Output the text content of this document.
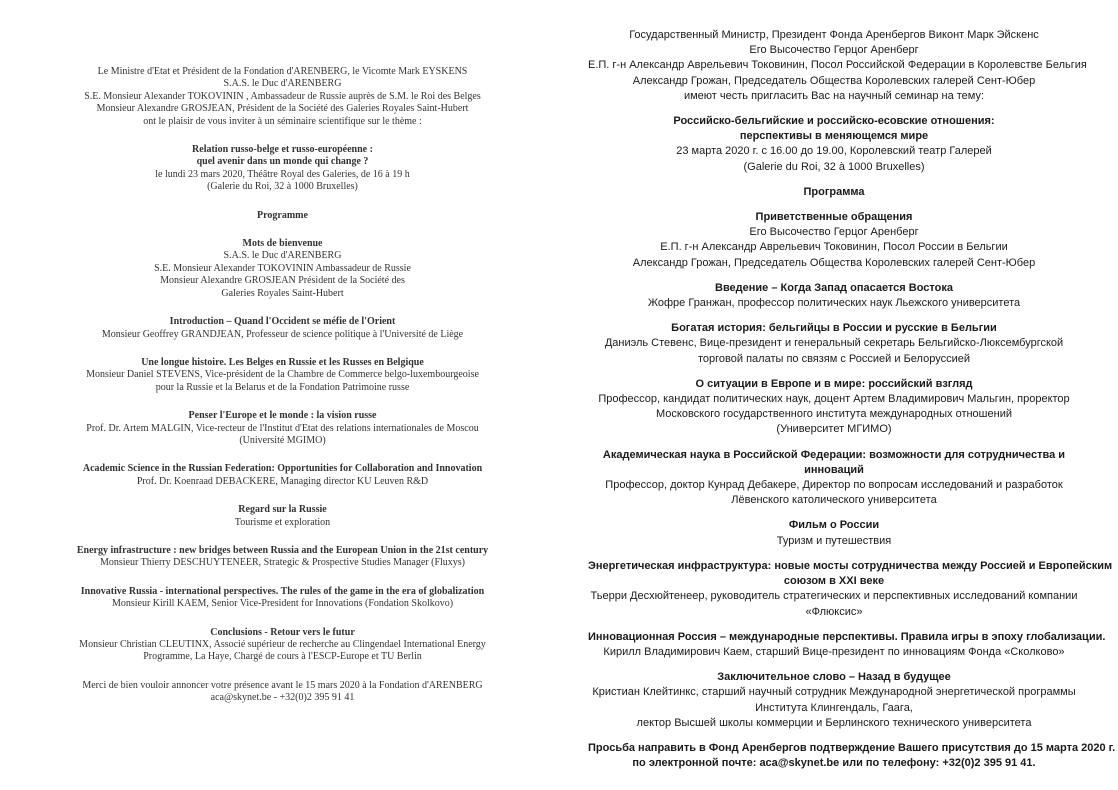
Le Ministre d'Etat et Président de la Fondation d'ARENBERG, le Vicomte Mark EYSKENS
S.A.S. le Duc d'ARENBERG
S.E. Monsieur Alexander TOKOVININ , Ambassadeur de Russie auprès de S.M. le Roi des Belges
Monsieur Alexandre GROSJEAN, Président de la Société des Galeries Royales Saint-Hubert
ont le plaisir de vous inviter à un séminaire scientifique sur le thème :
Relation russo-belge et russo-européenne :
quel avenir dans un monde qui change ?
le lundi 23 mars 2020, Théâtre Royal des Galeries, de 16 à 19 h
(Galerie du Roi, 32 à 1000 Bruxelles)
Programme
Mots de bienvenue
S.A.S. le Duc d'ARENBERG
S.E. Monsieur Alexander TOKOVININ Ambassadeur de Russie
Monsieur Alexandre GROSJEAN Président de la Société des
Galeries Royales Saint-Hubert
Introduction – Quand l'Occident se méfie de l'Orient
Monsieur Geoffrey GRANDJEAN, Professeur de science politique à l'Université de Liège
Une longue histoire. Les Belges en Russie et les Russes en Belgique
Monsieur Daniel STEVENS, Vice-président de la Chambre de Commerce belgo-luxembourgeoise
pour la Russie et la Belarus et de la Fondation Patrimoine russe
Penser l'Europe et le monde : la vision russe
Prof. Dr. Artem MALGIN, Vice-recteur de l'Institut d'Etat des relations internationales de Moscou
(Université MGIMO)
Academic Science in the Russian Federation: Opportunities for Collaboration and Innovation
Prof. Dr. Koenraad DEBACKERE, Managing director KU Leuven R&D
Regard sur la Russie
Tourisme et exploration
Energy infrastructure : new bridges between Russia and the European Union in the 21st century
Monsieur Thierry DESCHUYTENEER, Strategic & Prospective Studies Manager (Fluxys)
Innovative Russia - international perspectives. The rules of the game in the era of globalization
Monsieur Kirill KAEM, Senior Vice-President for Innovations (Fondation Skolkovo)
Conclusions - Retour vers le futur
Monsieur Christian CLEUTINX, Associé supérieur de recherche au Clingendael International Energy
Programme, La Haye, Chargé de cours à l'ESCP-Europe et TU Berlin
Merci de bien vouloir annoncer votre présence avant le 15 mars 2020 à la Fondation d'ARENBERG
aca@skynet.be - +32(0)2 395 91 41
Государственный Министр, Президент Фонда Аренбергов Виконт Марк Эйскенс
Его Высочество Герцог Аренберг
Е.П. г-н Александр Аврельевич Токовинин, Посол Российской Федерации в Королевстве Бельгия
Александр Грожан, Председатель Общества Королевских галерей Сент-Юбер
имеют честь пригласить Вас на научный семинар на тему:
Российско-бельгийские и российско-есовские отношения:
перспективы в меняющемся мире
23 марта 2020 г. с 16.00 до 19.00, Королевский театр Галерей
(Galerie du Roi, 32 à 1000 Bruxelles)
Программа
Приветственные обращения
Его Высочество Герцог Аренберг
Е.П. г-н Александр Аврельевич Токовинин, Посол России в Бельгии
Александр Грожан, Председатель Общества Королевских галерей Сент-Юбер
Введение – Когда Запад опасается Востока
Жофре Гранжан, профессор политических наук Льежского университета
Богатая история: бельгийцы в России и русские в Бельгии
Даниэль Стевенс, Вице-президент и генеральный секретарь Бельгийско-Люксембургской
торговой палаты по связям с Россией и Белоруссией
О ситуации в Европе и в мире: российский взгляд
Профессор, кандидат политических наук, доцент Артем Владимирович Мальгин, проректор
Московского государственного института международных отношений
(Университет МГИМО)
Академическая наука в Российской Федерации: возможности для сотрудничества и
инноваций
Профессор, доктор Кунрад Дебакере, Директор по вопросам исследований и разработок
Лёвенского католического университета
Фильм о России
Туризм и путешествия
Энергетическая инфраструктура: новые мосты сотрудничества между Россией и Европейским
союзом в XXI веке
Тьерри Десхюйтенеер, руководитель стратегических и перспективных исследований компании
«Флюксис»
Инновационная Россия – международные перспективы. Правила игры в эпоху глобализации.
Кирилл Владимирович Каем, старший Вице-президент по инновациям Фонда «Сколково»
Заключительное слово – Назад в будущее
Кристиан Клейтинкс, старший научный сотрудник Международной энергетической программы
Института Клингендаль, Гаага,
лектор Высшей школы коммерции и Берлинского технического университета
Просьба направить в Фонд Аренбергов подтверждение Вашего присутствия до 15 марта 2020 г.
по электронной почте: aca@skynet.be или по телефону: +32(0)2 395 91 41.
